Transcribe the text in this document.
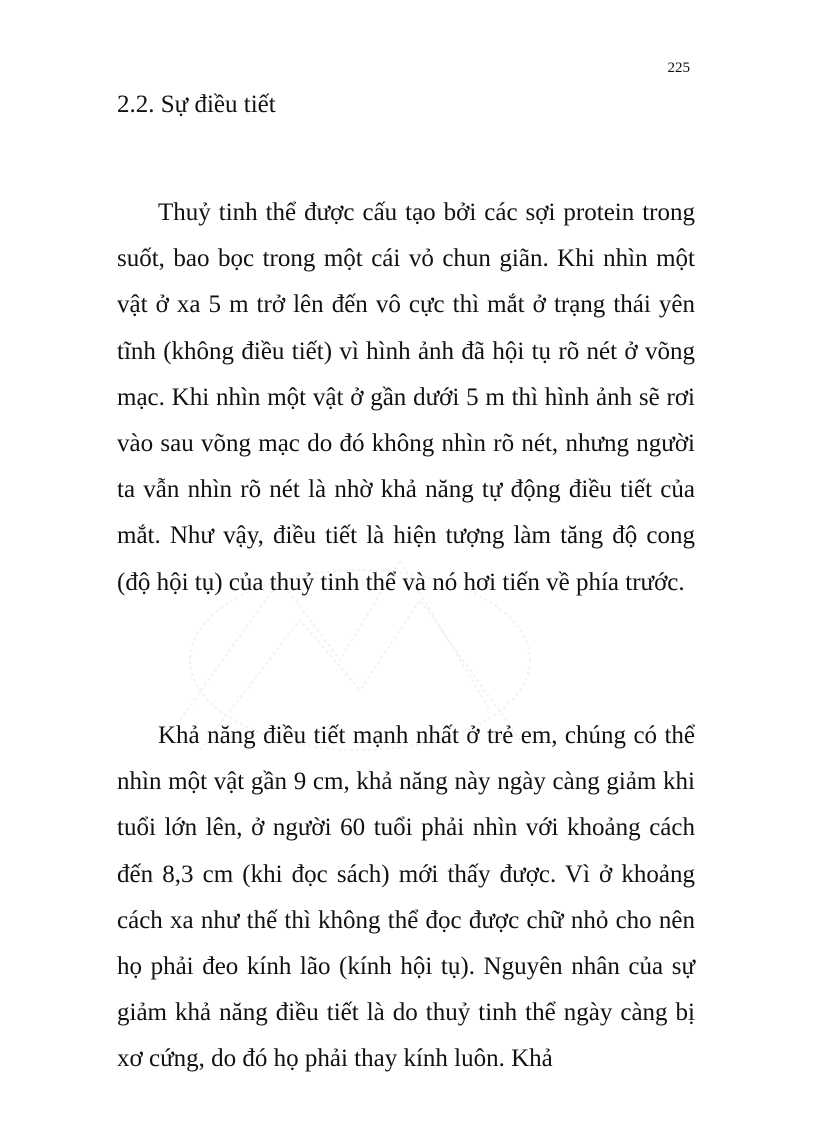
225
2.2. Sự điều tiết

Thuỷ tinh thể được cấu tạo bởi các sợi protein trong suốt, bao bọc trong một cái vỏ chun giãn. Khi nhìn một vật ở xa 5 m trở lên đến vô cực thì mắt ở trạng thái yên tĩnh (không điều tiết) vì hình ảnh đã hội tụ rõ nét ở võng mạc. Khi nhìn một vật ở gần dưới 5 m thì hình ảnh sẽ rơi vào sau võng mạc do đó không nhìn rõ nét, nhưng người ta vẫn nhìn rõ nét là nhờ khả năng tự động điều tiết của mắt. Như vậy, điều tiết là hiện tượng làm tăng độ cong (độ hội tụ) của thuỷ tinh thể và nó hơi tiến về phía trước.

Khả năng điều tiết mạnh nhất ở trẻ em, chúng có thể nhìn một vật gần 9 cm, khả năng này ngày càng giảm khi tuổi lớn lên, ở người 60 tuổi phải nhìn với khoảng cách đến 8,3 cm (khi đọc sách) mới thấy được. Vì ở khoảng cách xa như thế thì không thể đọc được chữ nhỏ cho nên họ phải đeo kính lão (kính hội tụ). Nguyên nhân của sự giảm khả năng điều tiết là do thuỷ tinh thể ngày càng bị xơ cứng, do đó họ phải thay kính luôn. Khả
